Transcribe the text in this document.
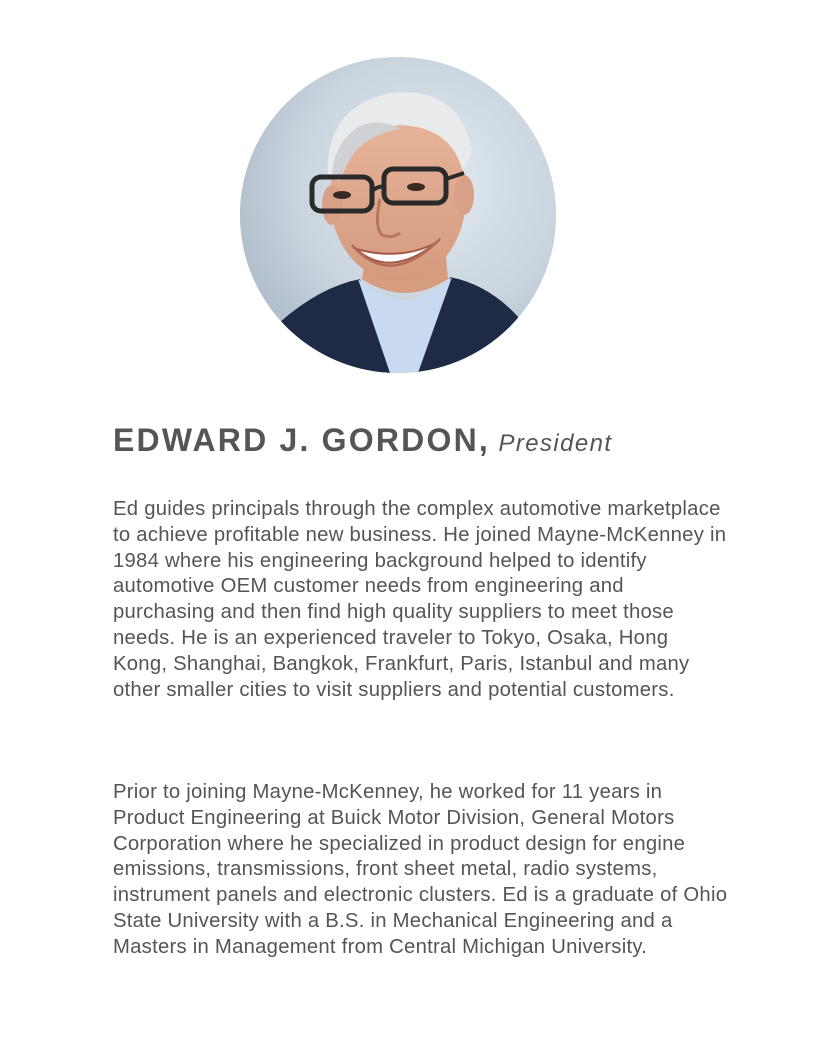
EDWARD J. GORDON, President

Ed guides principals through the complex automotive marketplace to achieve profitable new business. He joined Mayne-McKenney in 1984 where his engineering background helped to identify automotive OEM customer needs from engineering and purchasing and then find high quality suppliers to meet those needs. He is an experienced traveler to Tokyo, Osaka, Hong Kong, Shanghai, Bangkok, Frankfurt, Paris, Istanbul and many other smaller cities to visit suppliers and potential customers.

Prior to joining Mayne-McKenney, he worked for 11 years in Product Engineering at Buick Motor Division, General Motors Corporation where he specialized in product design for engine emissions, transmissions, front sheet metal, radio systems, instrument panels and electronic clusters. Ed is a graduate of Ohio State University with a B.S. in Mechanical Engineering and a Masters in Management from Central Michigan University.
